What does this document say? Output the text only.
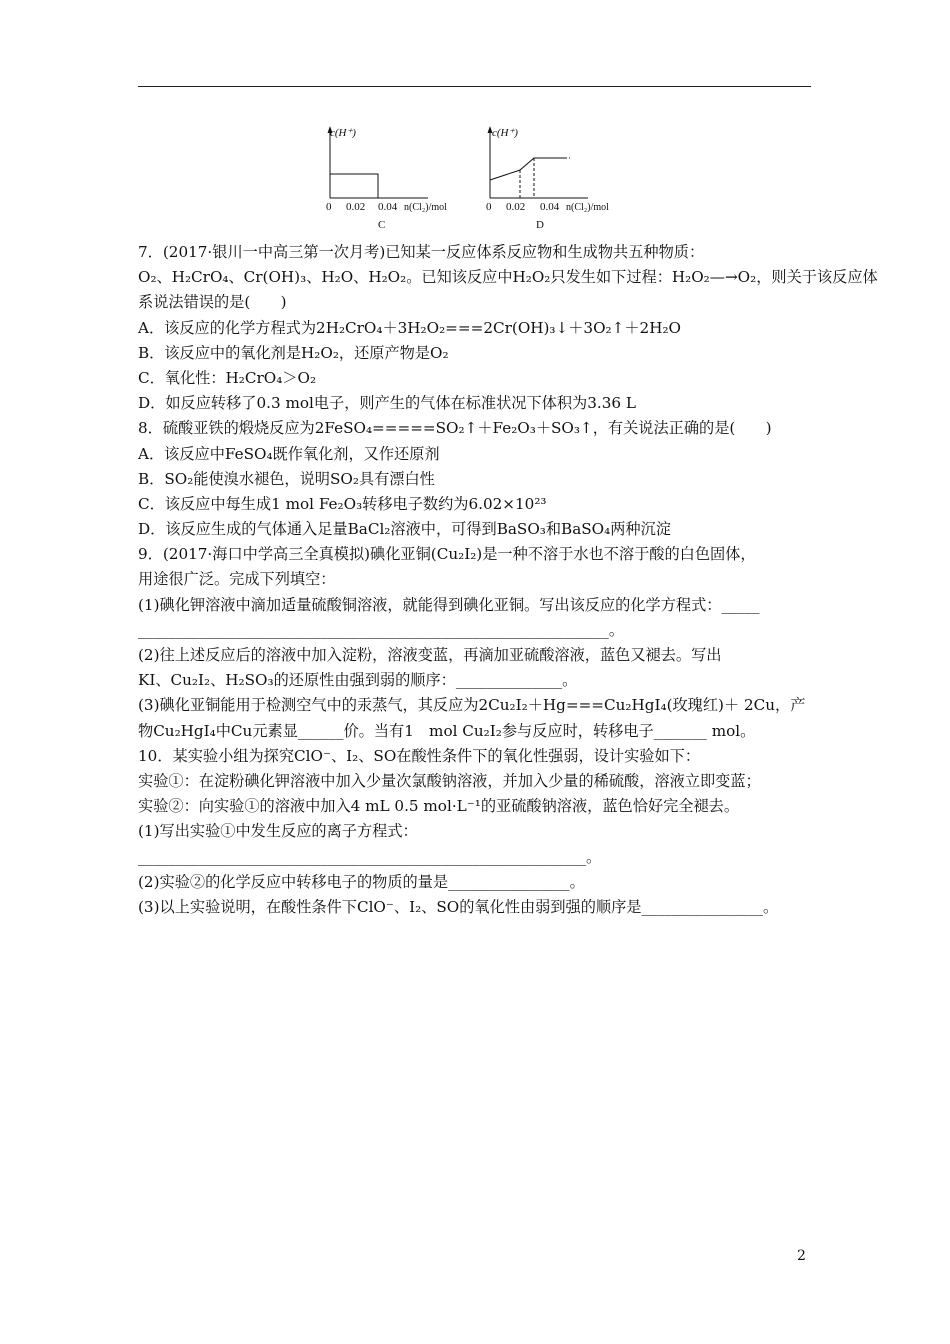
c(H⁺)
0 0.02 0.04 n(Cl₂)/mol
C
c(H⁺)
0 0.02 0.04 n(Cl₂)/mol
D
7．(2017·银川一中高三第一次月考)已知某一反应体系反应物和生成物共五种物质：
O₂、H₂CrO₄、Cr(OH)₃、H₂O、H₂O₂。已知该反应中H₂O₂只发生如下过程：H₂O₂—→O₂，则关于该反应体
系说法错误的是(　　)
A．该反应的化学方程式为2H₂CrO₄＋3H₂O₂===2Cr(OH)₃↓＋3O₂↑＋2H₂O
B．该反应中的氧化剂是H₂O₂，还原产物是O₂
C．氧化性：H₂CrO₄＞O₂
D．如反应转移了0.3 mol电子，则产生的气体在标准状况下体积为3.36 L
8．硫酸亚铁的煅烧反应为2FeSO₄=====SO₂↑＋Fe₂O₃＋SO₃↑，有关说法正确的是(　　)
A．该反应中FeSO₄既作氧化剂，又作还原剂
B．SO₂能使溴水褪色，说明SO₂具有漂白性
C．该反应中每生成1 mol Fe₂O₃转移电子数约为6.02×10²³
D．该反应生成的气体通入足量BaCl₂溶液中，可得到BaSO₃和BaSO₄两种沉淀
9．(2017·海口中学高三全真模拟)碘化亚铜(Cu₂I₂)是一种不溶于水也不溶于酸的白色固体，
用途很广泛。完成下列填空：
(1)碘化钾溶液中滴加适量硫酸铜溶液，就能得到碘化亚铜。写出该反应的化学方程式：_____
______________________________________________________________。
(2)往上述反应后的溶液中加入淀粉，溶液变蓝，再滴加亚硫酸溶液，蓝色又褪去。写出
KI、Cu₂I₂、H₂SO₃的还原性由强到弱的顺序：______________。
(3)碘化亚铜能用于检测空气中的汞蒸气，其反应为2Cu₂I₂＋Hg===Cu₂HgI₄(玫瑰红)＋ 2Cu，产
物Cu₂HgI₄中Cu元素显______价。当有1　mol Cu₂I₂参与反应时，转移电子_______ mol。
10．某实验小组为探究ClO⁻、I₂、SO在酸性条件下的氧化性强弱，设计实验如下：
实验①：在淀粉碘化钾溶液中加入少量次氯酸钠溶液，并加入少量的稀硫酸，溶液立即变蓝；
实验②：向实验①的溶液中加入4 mL 0.5 mol·L⁻¹的亚硫酸钠溶液，蓝色恰好完全褪去。
(1)写出实验①中发生反应的离子方程式：
___________________________________________________________。
(2)实验②的化学反应中转移电子的物质的量是________________。
(3)以上实验说明，在酸性条件下ClO⁻、I₂、SO的氧化性由弱到强的顺序是________________。
2
